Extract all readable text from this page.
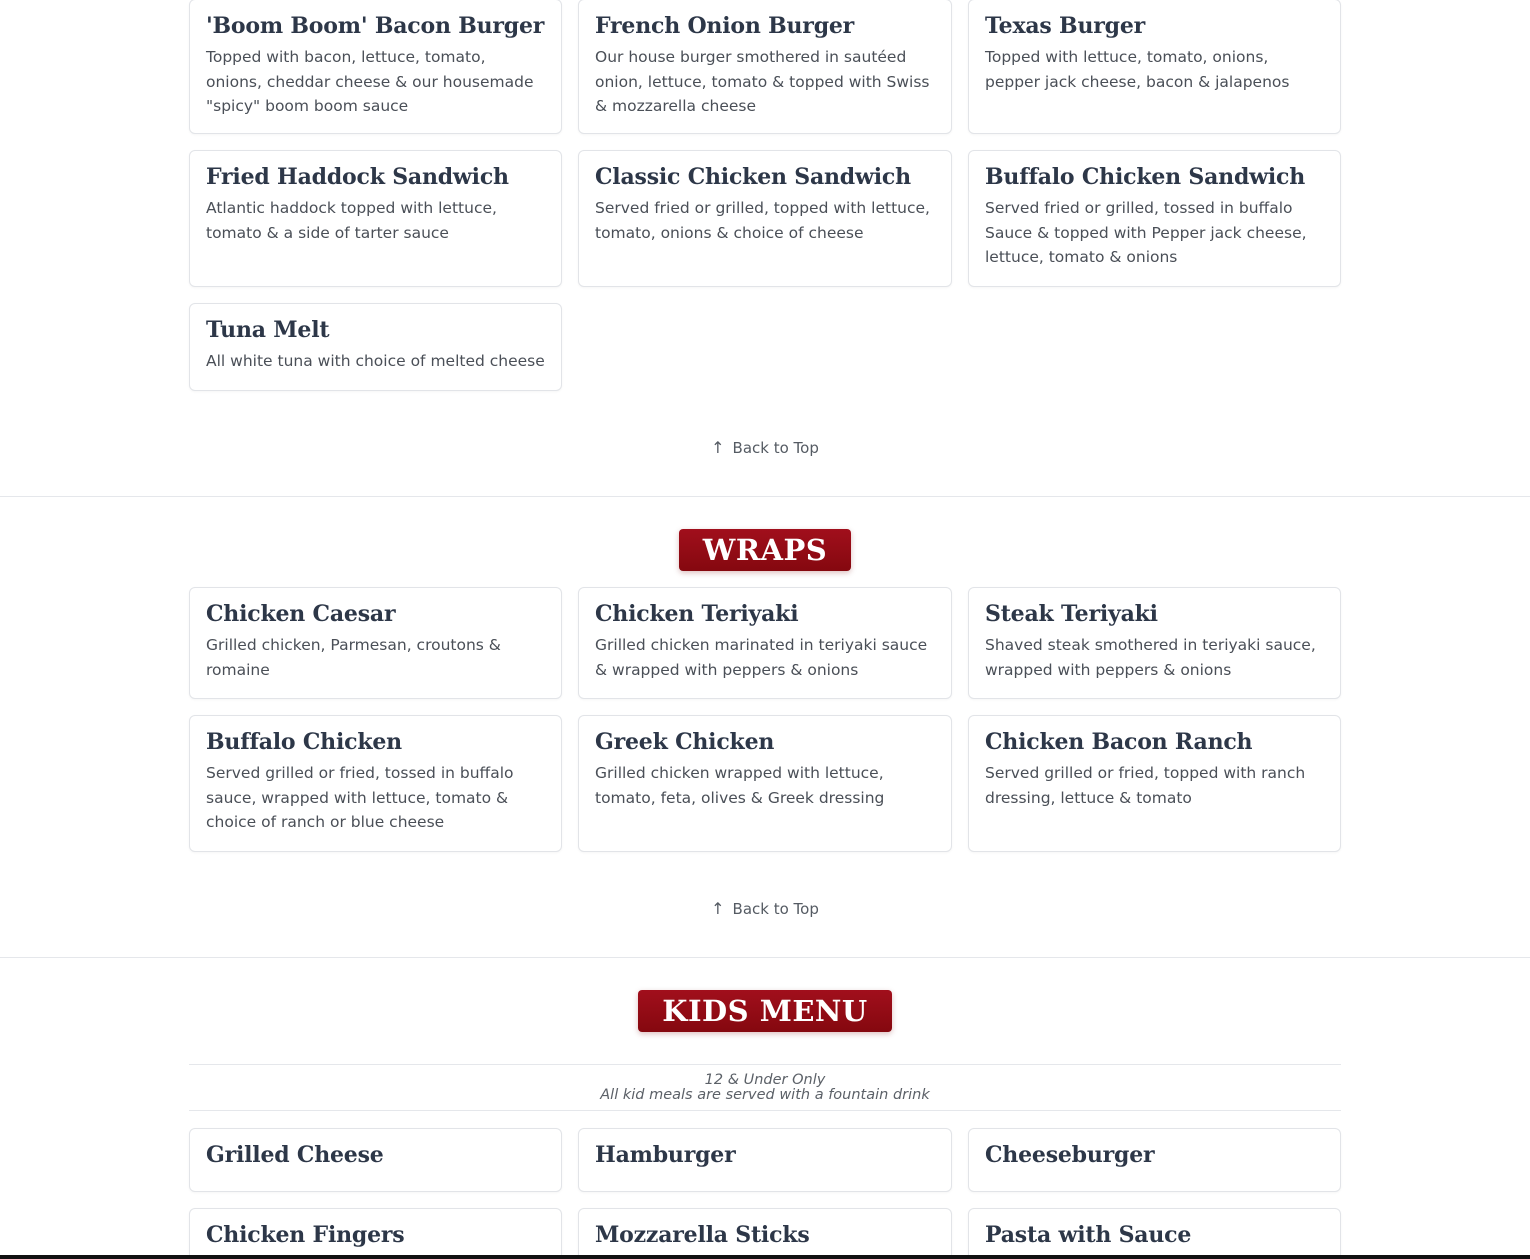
'Boom Boom' Bacon Burger

Topped with bacon, lettuce, tomato, onions, cheddar cheese & our housemade "spicy" boom boom sauce

French Onion Burger

Our house burger smothered in sautéed onion, lettuce, tomato & topped with Swiss & mozzarella cheese

Texas Burger

Topped with lettuce, tomato, onions, pepper jack cheese, bacon & jalapenos

Fried Haddock Sandwich

Atlantic haddock topped with lettuce, tomato & a side of tarter sauce

Classic Chicken Sandwich

Served fried or grilled, topped with lettuce, tomato, onions & choice of cheese

Buffalo Chicken Sandwich

Served fried or grilled, tossed in buffalo Sauce & topped with Pepper jack cheese, lettuce, tomato & onions

Tuna Melt

All white tuna with choice of melted cheese

↑ Back to Top
WRAPS
Chicken Caesar

Grilled chicken, Parmesan, croutons & romaine

Chicken Teriyaki

Grilled chicken marinated in teriyaki sauce & wrapped with peppers & onions

Steak Teriyaki

Shaved steak smothered in teriyaki sauce, wrapped with peppers & onions

Buffalo Chicken

Served grilled or fried, tossed in buffalo sauce, wrapped with lettuce, tomato & choice of ranch or blue cheese

Greek Chicken

Grilled chicken wrapped with lettuce, tomato, feta, olives & Greek dressing

Chicken Bacon Ranch

Served grilled or fried, topped with ranch dressing, lettuce & tomato

↑ Back to Top
KIDS MENU
12 & Under Only
All kid meals are served with a fountain drink
Grilled Cheese	Hamburger	Cheeseburger
Chicken Fingers	Mozzarella Sticks	Pasta with Sauce
